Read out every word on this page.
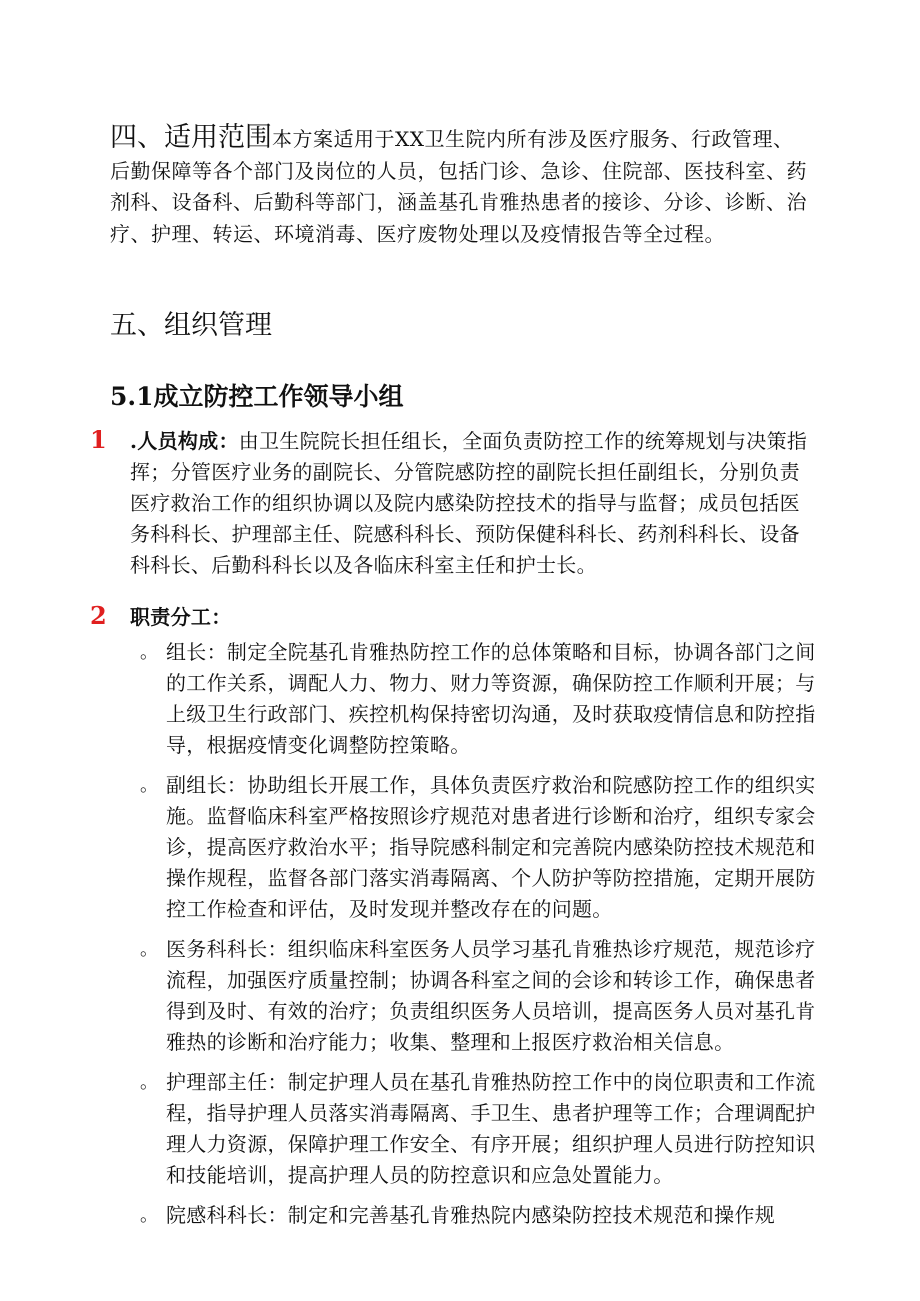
四、适用范围本方案适用于XX卫生院内所有涉及医疗服务、行政管理、后勤保障等各个部门及岗位的人员，包括门诊、急诊、住院部、医技科室、药剂科、设备科、后勤科等部门，涵盖基孔肯雅热患者的接诊、分诊、诊断、治疗、护理、转运、环境消毒、医疗废物处理以及疫情报告等全过程。
五、组织管理
5.1成立防控工作领导小组
1 .人员构成：由卫生院院长担任组长，全面负责防控工作的统筹规划与决策指挥；分管医疗业务的副院长、分管院感防控的副院长担任副组长，分别负责医疗救治工作的组织协调以及院内感染防控技术的指导与监督；成员包括医务科科长、护理部主任、院感科科长、预防保健科科长、药剂科科长、设备科科长、后勤科科长以及各临床科室主任和护士长。
2 职责分工：
。 组长：制定全院基孔肯雅热防控工作的总体策略和目标，协调各部门之间的工作关系，调配人力、物力、财力等资源，确保防控工作顺利开展；与上级卫生行政部门、疾控机构保持密切沟通，及时获取疫情信息和防控指导，根据疫情变化调整防控策略。
。 副组长：协助组长开展工作，具体负责医疗救治和院感防控工作的组织实施。监督临床科室严格按照诊疗规范对患者进行诊断和治疗，组织专家会诊，提高医疗救治水平；指导院感科制定和完善院内感染防控技术规范和操作规程，监督各部门落实消毒隔离、个人防护等防控措施，定期开展防控工作检查和评估，及时发现并整改存在的问题。
。 医务科科长：组织临床科室医务人员学习基孔肯雅热诊疗规范，规范诊疗流程，加强医疗质量控制；协调各科室之间的会诊和转诊工作，确保患者得到及时、有效的治疗；负责组织医务人员培训，提高医务人员对基孔肯雅热的诊断和治疗能力；收集、整理和上报医疗救治相关信息。
。 护理部主任：制定护理人员在基孔肯雅热防控工作中的岗位职责和工作流程，指导护理人员落实消毒隔离、手卫生、患者护理等工作；合理调配护理人力资源，保障护理工作安全、有序开展；组织护理人员进行防控知识和技能培训，提高护理人员的防控意识和应急处置能力。
。 院感科科长：制定和完善基孔肯雅热院内感染防控技术规范和操作规
